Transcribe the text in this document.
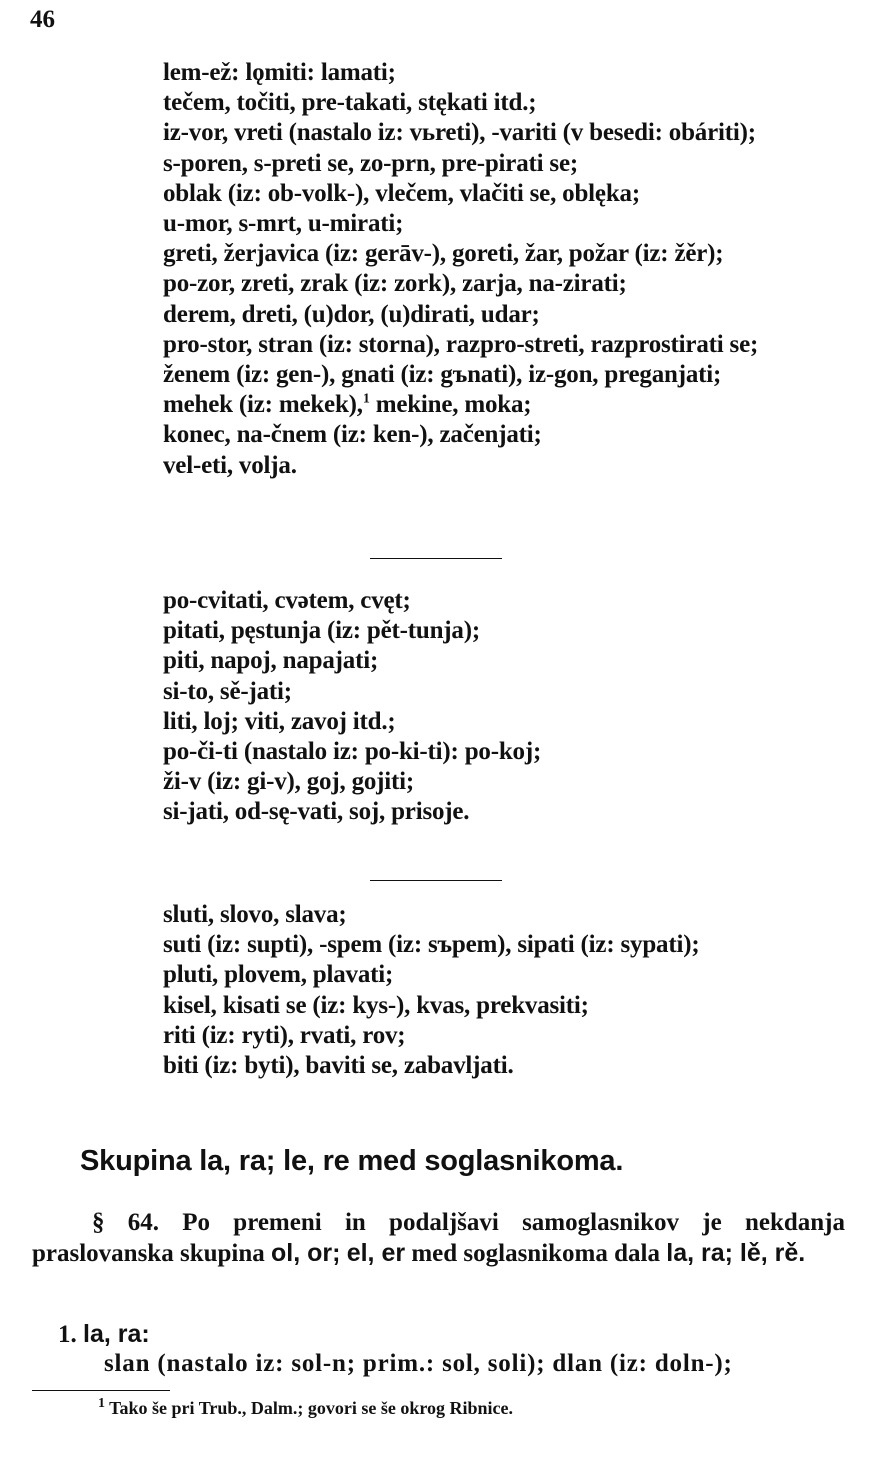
46
lem-ež: lǫmiti: lamati;
tečem, točiti, pre-takati, stękati itd.;
iz-vor, vreti (nastalo iz: vьreti), -variti (v besedi: obáriti);
s-poren, s-preti se, zo-prn, pre-pirati se;
oblak (iz: ob-volk-), vlečem, vlačiti se, oblęka;
u-mor, s-mrt, u-mirati;
greti, žerjavica (iz: gerāv-), goreti, žar, požar (iz: žěr);
po-zor, zreti, zrak (iz: zork), zarja, na-zirati;
derem, dreti, (u)dor, (u)dirati, udar;
pro-stor, stran (iz: storna), razpro-streti, razprostirati se;
ženem (iz: gen-), gnati (iz: gъnati), iz-gon, preganjati;
mehek (iz: mekek),$^1$ mekine, moka;
konec, na-čnem (iz: ken-), začenjati;
vel-eti, volja.
po-cvitati, cvətem, cvęt;
pitati, pęstunja (iz: pět-tunja);
piti, napoj, napajati;
si-to, sě-jati;
liti, loj; viti, zavoj itd.;
po-či-ti (nastalo iz: po-ki-ti): po-koj;
ži-v (iz: gi-v), goj, gojiti;
si-jati, od-sę-vati, soj, prisoje.
sluti, slovo, slava;
suti (iz: supti), -spem (iz: sъpem), sipati (iz: sypati);
pluti, plovem, plavati;
kisel, kisati se (iz: kys-), kvas, prekvasiti;
riti (iz: ryti), rvati, rov;
biti (iz: byti), baviti se, zabavljati.
Skupina la, ra; le, re med soglasnikoma.
§ 64. Po premeni in podaljšavi samoglasnikov je nekdanja praslovanska skupina ol, or; el, er med soglasnikoma dala la, ra; lě, rě.
1. la, ra:
slan (nastalo iz: sol-n; prim.: sol, soli); dlan (iz: doln-);
$^1$ Tako še pri Trub., Dalm.; govori se še okrog Ribnice.
